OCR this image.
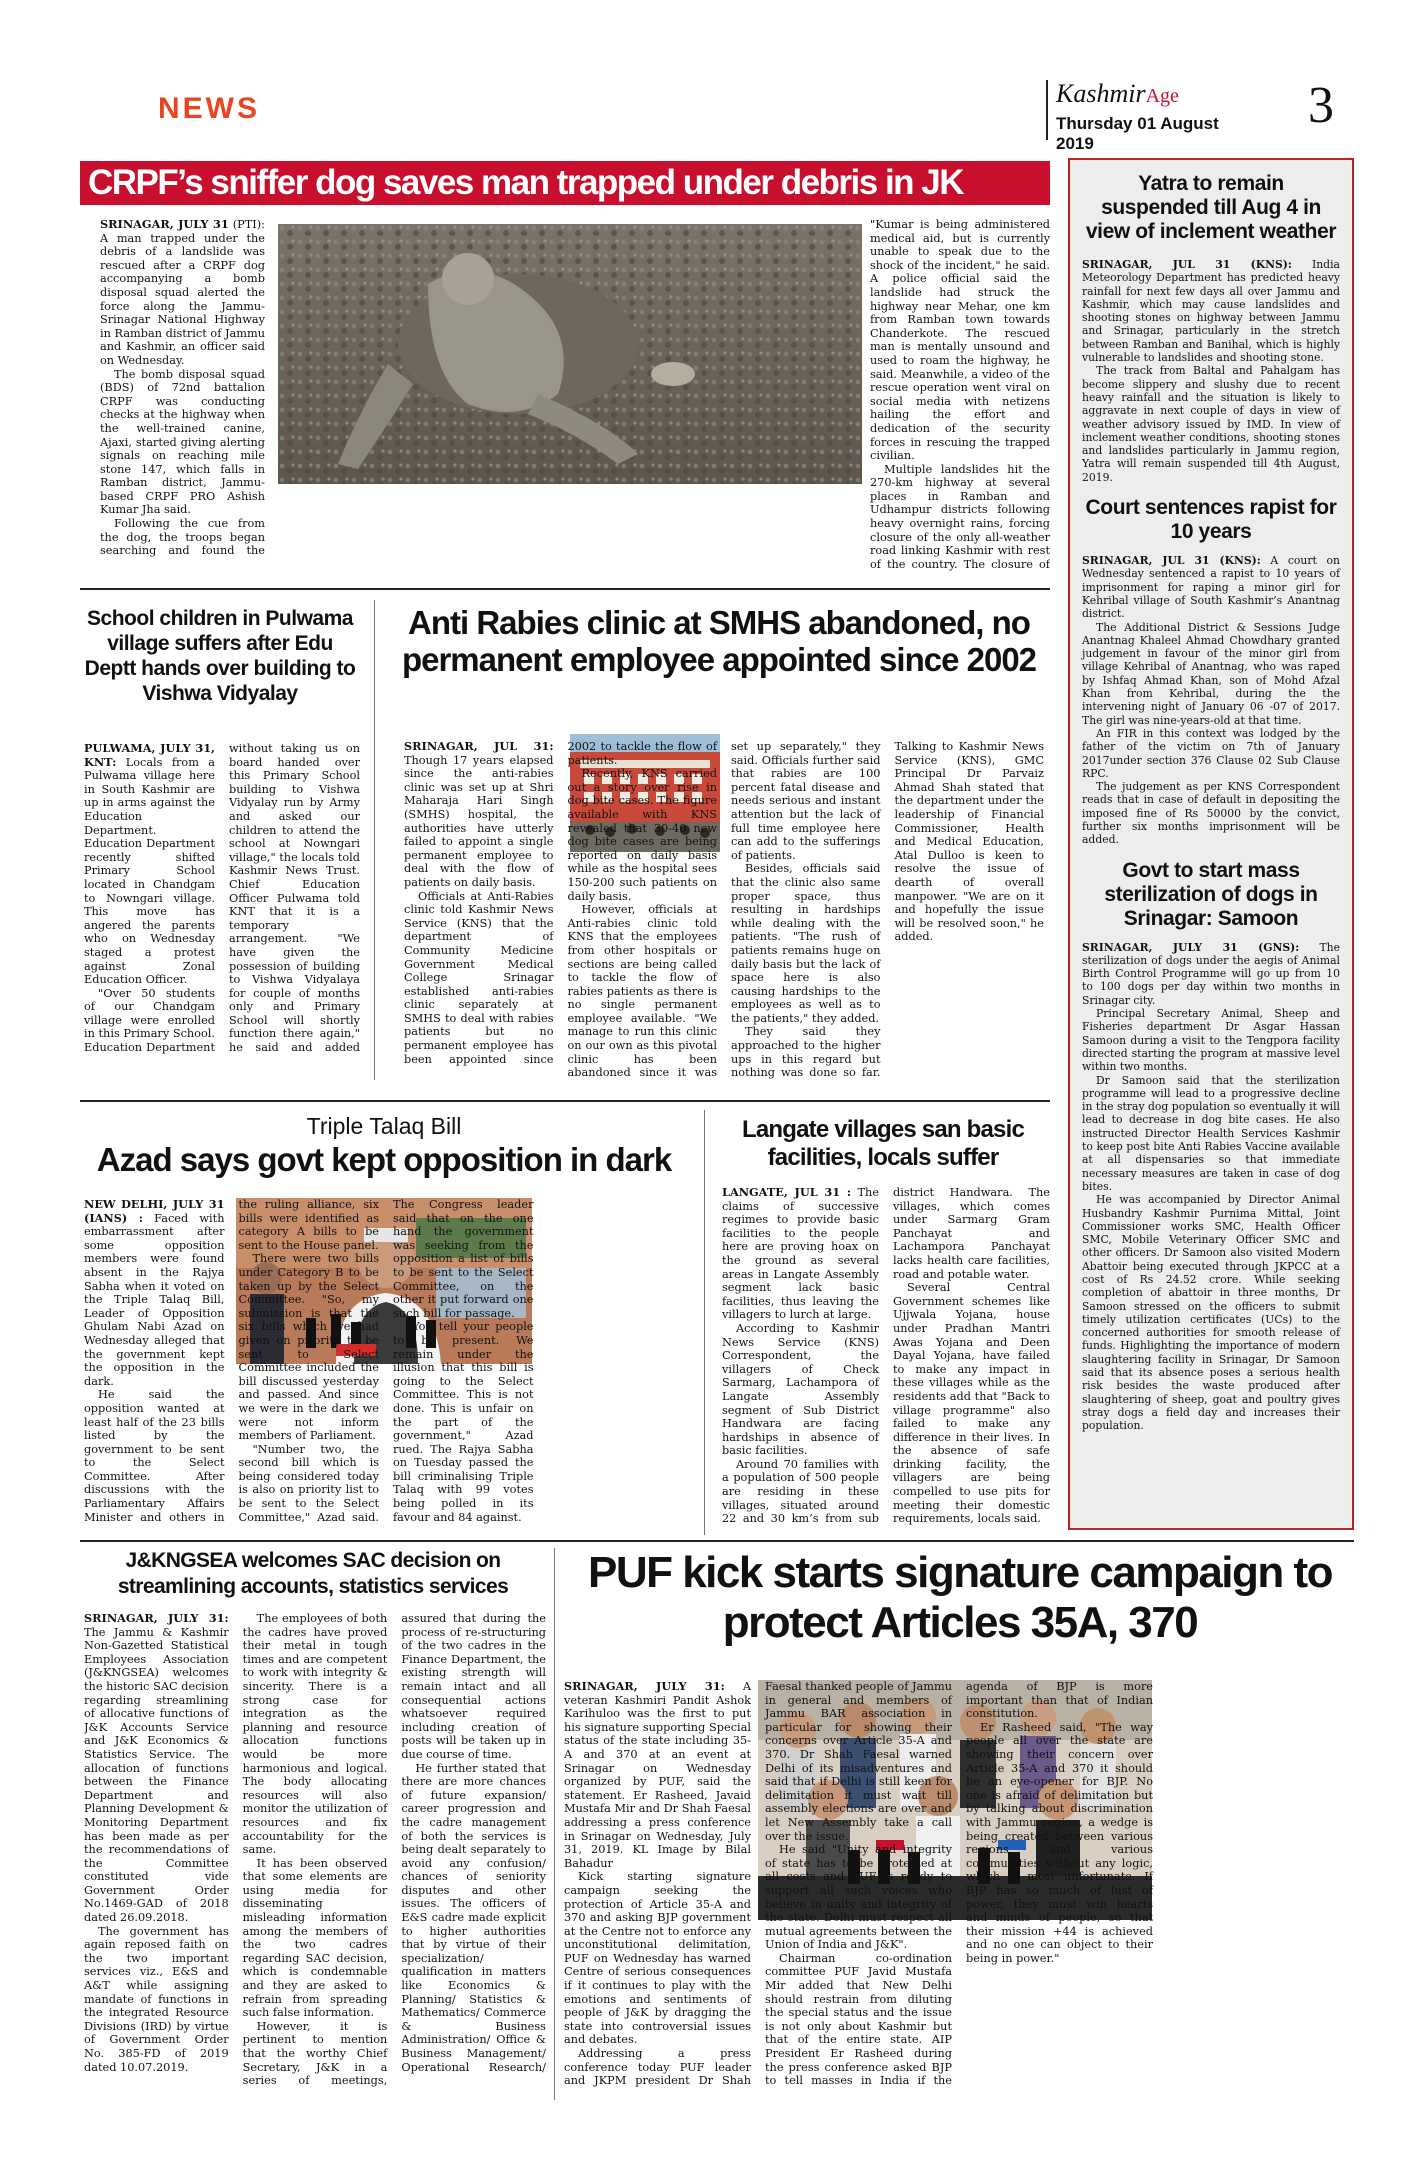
NEWS	KashmirAge
Thursday 01 August 2019
3
CRPF’s sniffer dog saves man trapped under debris in JK

SRINAGAR, JULY 31 (PTI): A man trapped under the debris of a landslide was rescued after a CRPF dog accompanying a bomb disposal squad alerted the force along the Jammu-Srinagar National Highway in Ramban district of Jammu and Kashmir, an officer said on Wednesday.

The bomb disposal squad (BDS) of 72nd battalion CRPF was conducting checks at the highway when the well-trained canine, Ajaxi, started giving alerting signals on reaching mile stone 147, which falls in Ramban district, Jammu-based CRPF PRO Ashish Kumar Jha said.

Following the cue from the dog, the troops began searching and found the

"Kumar is being administered medical aid, but is currently unable to speak due to the shock of the incident," he said. A police official said the landslide had struck the highway near Mehar, one km from Ramban town towards Chanderkote. The rescued man is mentally unsound and used to roam the highway, he said. Meanwhile, a video of the rescue operation went viral on social media with netizens hailing the effort and dedication of the security forces in rescuing the trapped civilian.

Multiple landslides hit the 270-km highway at several places in Ramban and Udhampur districts following heavy overnight rains, forcing closure of the only all-weather road linking Kashmir with rest of the country. The closure of

School children in Pulwama village suffers after Edu Deptt hands over building to Vishwa Vidyalay

PULWAMA, JULY 31, KNT: Locals from a Pulwama village here in South Kashmir are up in arms against the Education Department. Education Department recently shifted Primary School located in Chandgam to Nowngari village. This move has angered the parents who on Wednesday staged a protest against Zonal Education Officer.

"Over 50 students of our Chandgam village were enrolled in this Primary School. Education Department without taking us on board handed over this Primary School building to Vishwa Vidyalay run by Army and asked our children to attend the school at Nowngari village," the locals told Kashmir News Trust. Chief Education Officer Pulwama told KNT that it is a temporary arrangement. "We have given the possession of building to Vishwa Vidyalaya for couple of months only and Primary School will shortly function there again," he said and added

Anti Rabies clinic at SMHS abandoned, no permanent employee appointed since 2002

SRINAGAR, JUL 31: Though 17 years elapsed since the anti-rabies clinic was set up at Shri Maharaja Hari Singh (SMHS) hospital, the authorities have utterly failed to appoint a single permanent employee to deal with the flow of patients on daily basis.

Officials at Anti-Rabies clinic told Kashmir News Service (KNS) that the department of Community Medicine Government Medical College Srinagar established anti-rabies clinic separately at SMHS to deal with rabies patients but no permanent employee has been appointed since 2002 to tackle the flow of patients.

Recently, KNS carried out a story over rise in dog bite cases. The figure available with KNS revealed that 30-40 new dog bite cases are being reported on daily basis while as the hospital sees 150-200 such patients on daily basis.

However, officials at Anti-rabies clinic told KNS that the employees from other hospitals or sections are being called to tackle the flow of rabies patients as there is no single permanent employee available. "We manage to run this clinic on our own as this pivotal clinic has been abandoned since it was set up separately," they said. Officials further said that rabies are 100 percent fatal disease and needs serious and instant attention but the lack of full time employee here can add to the sufferings of patients.

Besides, officials said that the clinic also same proper space, thus resulting in hardships while dealing with the patients. "The rush of patients remains huge on daily basis but the lack of space here is also causing hardships to the employees as well as to the patients," they added.

They said they approached to the higher ups in this regard but nothing was done so far. Talking to Kashmir News Service (KNS), GMC Principal Dr Parvaiz Ahmad Shah stated that the department under the leadership of Financial Commissioner, Health and Medical Education, Atal Dulloo is keen to resolve the issue of dearth of overall manpower. "We are on it and hopefully the issue will be resolved soon," he added.

Triple Talaq Bill
Azad says govt kept opposition in dark

NEW DELHI, JULY 31 (IANS) : Faced with embarrassment after some opposition members were found absent in the Rajya Sabha when it voted on the Triple Talaq Bill, Leader of Opposition Ghulam Nabi Azad on Wednesday alleged that the government kept the opposition in the dark.

He said the opposition wanted at least half of the 23 bills listed by the government to be sent to the Select Committee. After discussions with the Parliamentary Affairs Minister and others in the ruling alliance, six bills were identified as category A bills to be sent to the House panel.

There were two bills under Category B to be taken up by the Select Committee. "So, my submission is that the six bills which we had given on priority to be sent to Select Committee included the bill discussed yesterday and passed. And since we were in the dark we were not inform members of Parliament.

"Number two, the second bill which is being considered today is also on priority list to be sent to the Select Committee," Azad said. The Congress leader said that on the one hand the government was seeking from the opposition a list of bills to be sent to the Select Committee, on the other it put forward one such bill for passage.

"You tell your people to be present. We remain under the illusion that this bill is going to the Select Committee. This is not done. This is unfair on the part of the government," Azad rued. The Rajya Sabha on Tuesday passed the bill criminalising Triple Talaq with 99 votes being polled in its favour and 84 against.

Langate villages san basic facilities, locals suffer

LANGATE, JUL 31 : The claims of successive regimes to provide basic facilities to the people here are proving hoax on the ground as several areas in Langate Assembly segment lack basic facilities, thus leaving the villagers to lurch at large.

According to Kashmir News Service (KNS) Correspondent, the villagers of Check Sarmarg, Lachampora of Langate Assembly segment of Sub District Handwara are facing hardships in absence of basic facilities.

Around 70 families with a population of 500 people are residing in these villages, situated around 22 and 30 km’s from sub district Handwara. The villages, which comes under Sarmarg Gram Panchayat and Lachampora Panchayat lacks health care facilities, road and potable water.

Several Central Government schemes like Ujjwala Yojana, house under Pradhan Mantri Awas Yojana and Deen Dayal Yojana, have failed to make any impact in these villages while as the residents add that "Back to village programme" also failed to make any difference in their lives. In the absence of safe drinking facility, the villagers are being compelled to use pits for meeting their domestic requirements, locals said.

Yatra to remain suspended till Aug 4 in view of inclement weather

SRINAGAR, JUL 31 (KNS): India Meteorology Department has predicted heavy rainfall for next few days all over Jammu and Kashmir, which may cause landslides and shooting stones on highway between Jammu and Srinagar, particularly in the stretch between Ramban and Banihal, which is highly vulnerable to landslides and shooting stone.

The track from Baltal and Pahalgam has become slippery and slushy due to recent heavy rainfall and the situation is likely to aggravate in next couple of days in view of weather advisory issued by IMD. In view of inclement weather conditions, shooting stones and landslides particularly in Jammu region, Yatra will remain suspended till 4th August, 2019.

Court sentences rapist for 10 years

SRINAGAR, JUL 31 (KNS): A court on Wednesday sentenced a rapist to 10 years of imprisonment for raping a minor girl for Kehribal village of South Kashmir’s Anantnag district.

The Additional District & Sessions Judge Anantnag Khaleel Ahmad Chowdhary granted judgement in favour of the minor girl from village Kehribal of Anantnag, who was raped by Ishfaq Ahmad Khan, son of Mohd Afzal Khan from Kehribal, during the the intervening night of January 06 -07 of 2017. The girl was nine-years-old at that time.

An FIR in this context was lodged by the father of the victim on 7th of January 2017under section 376 Clause 02 Sub Clause RPC.

The judgement as per KNS Correspondent reads that in case of default in depositing the imposed fine of Rs 50000 by the convict, further six months imprisonment will be added.

Govt to start mass sterilization of dogs in Srinagar: Samoon

SRINAGAR, JULY 31 (GNS): The sterilization of dogs under the aegis of Animal Birth Control Programme will go up from 10 to 100 dogs per day within two months in Srinagar city.

Principal Secretary Animal, Sheep and Fisheries department Dr Asgar Hassan Samoon during a visit to the Tengpora facility directed starting the program at massive level within two months.

Dr Samoon said that the sterilization programme will lead to a progressive decline in the stray dog population so eventually it will lead to decrease in dog bite cases. He also instructed Director Health Services Kashmir to keep post bite Anti Rabies Vaccine available at all dispensaries so that immediate necessary measures are taken in case of dog bites.

He was accompanied by Director Animal Husbandry Kashmir Purnima Mittal, Joint Commissioner works SMC, Health Officer SMC, Mobile Veterinary Officer SMC and other officers. Dr Samoon also visited Modern Abattoir being executed through JKPCC at a cost of Rs 24.52 crore. While seeking completion of abattoir in three months, Dr Samoon stressed on the officers to submit timely utilization certificates (UCs) to the concerned authorities for smooth release of funds. Highlighting the importance of modern slaughtering facility in Srinagar, Dr Samoon said that its absence poses a serious health risk besides the waste produced after slaughtering of sheep, goat and poultry gives stray dogs a field day and increases their population.

J&KNGSEA welcomes SAC decision on streamlining accounts, statistics services

SRINAGAR, JULY 31: The Jammu & Kashmir Non-Gazetted Statistical Employees Association (J&KNGSEA) welcomes the historic SAC decision regarding streamlining of allocative functions of J&K Accounts Service and J&K Economics & Statistics Service. The allocation of functions between the Finance Department and Planning Development & Monitoring Department has been made as per the recommendations of the Committee constituted vide Government Order No.1469-GAD of 2018 dated 26.09.2018.

The government has again reposed faith on the two important services viz., E&S and A&T while assigning mandate of functions in the integrated Resource Divisions (IRD) by virtue of Government Order No. 385-FD of 2019 dated 10.07.2019.

The employees of both the cadres have proved their metal in tough times and are competent to work with integrity & sincerity. There is a strong case for integration as the planning and resource allocation functions would be more harmonious and logical. The body allocating resources will also monitor the utilization of resources and fix accountability for the same.

It has been observed that some elements are using media for disseminating misleading information among the members of the two cadres regarding SAC decision, which is condemnable and they are asked to refrain from spreading such false information.

However, it is pertinent to mention that the worthy Chief Secretary, J&K in a series of meetings, assured that during the process of re-structuring of the two cadres in the Finance Department, the existing strength will remain intact and all consequential actions whatsoever required including creation of posts will be taken up in due course of time.

He further stated that there are more chances of future expansion/ career progression and the cadre management of both the services is being dealt separately to avoid any confusion/ chances of seniority disputes and other issues. The officers of E&S cadre made explicit to higher authorities that by virtue of their specialization/ qualification in matters like Economics & Planning/ Statistics & Mathematics/ Commerce & Business Administration/ Office & Business Management/ Operational Research/

PUF kick starts signature campaign to protect Articles 35A, 370

SRINAGAR, JULY 31: A veteran Kashmiri Pandit Ashok Karihuloo was the first to put his signature supporting Special status of the state including 35-A and 370 at an event at Srinagar on Wednesday organized by PUF, said the statement. Er Rasheed, Javaid Mustafa Mir and Dr Shah Faesal addressing a press conference in Srinagar on Wednesday, July 31, 2019. KL Image by Bilal Bahadur

Kick starting signature campaign seeking the protection of Article 35-A and 370 and asking BJP government at the Centre not to enforce any unconstitutional delimitation, PUF on Wednesday has warned Centre of serious consequences if it continues to play with the emotions and sentiments of people of J&K by dragging the state into controversial issues and debates.

Addressing a press conference today PUF leader and JKPM president Dr Shah Faesal thanked people of Jammu in general and members of Jammu BAR association in particular for showing their concerns over Article 35-A and 370. Dr Shah Faesal warned Delhi of its misadventures and said that if Delhi is still keen for delimitation it must wait till assembly elections are over and let New Assembly take a call over the issue.

He said "Unity and integrity of state has to be protected at all costs and PUF is ready to support all such voices who believe in unity and integrity of the state. Delhi must respect all mutual agreements between the Union of India and J&K".

Chairman co-ordination committee PUF Javid Mustafa Mir added that New Delhi should restrain from diluting the special status and the issue is not only about Kashmir but that of the entire state. AIP President Er Rasheed during the press conference asked BJP to tell masses in India if the agenda of BJP is more important than that of Indian constitution.

Er Rasheed said, "The way people all over the state are showing their concern over Article 35-A and 370 it should be an eye-opener for BJP. No one is afraid of delimitation but by talking about discrimination with Jammu region, a wedge is being created between various regions and various communities without any logic, which is most unfortunate. If BJP has so much of lust of power, they must win hearts and minds of people, so that their mission +44 is achieved and no one can object to their being in power."
